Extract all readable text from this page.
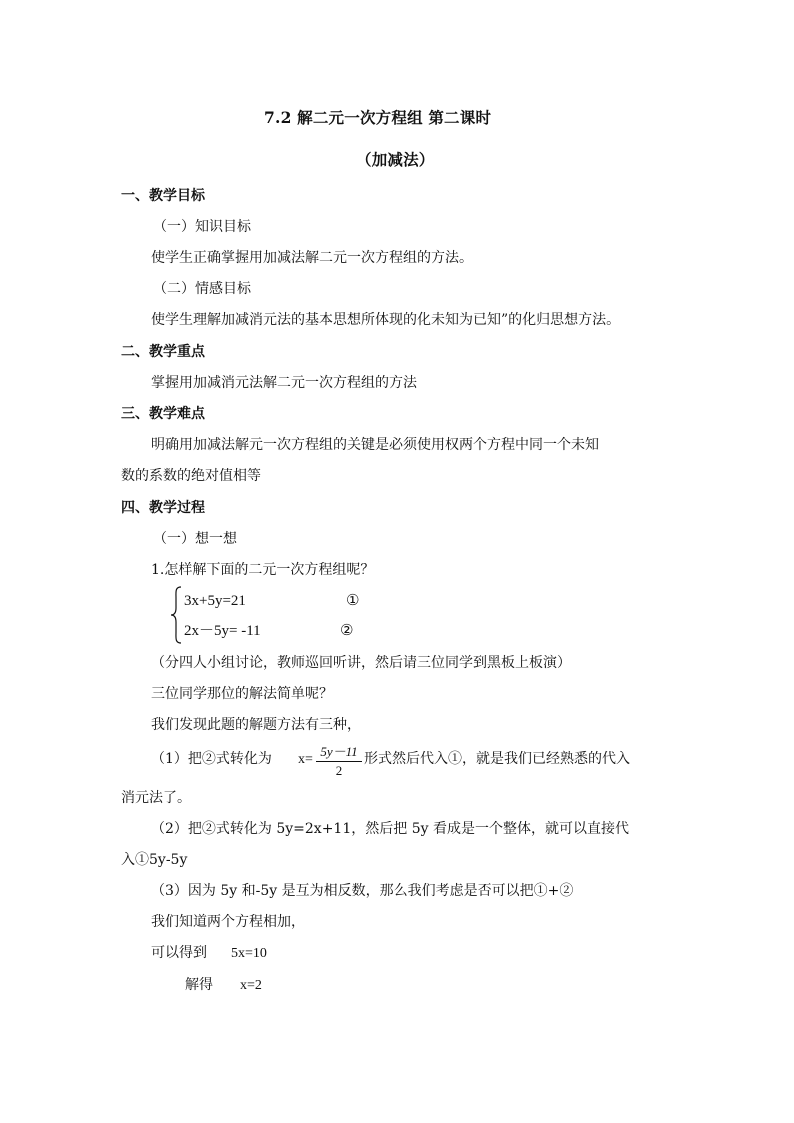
7.2 解二元一次方程组 第二课时
（加减法）
一、教学目标
（一）知识目标
使学生正确掌握用加减法解二元一次方程组的方法。
（二）情感目标
使学生理解加减消元法的基本思想所体现的化未知为已知”的化归思想方法。
二、教学重点
掌握用加减消元法解二元一次方程组的方法
三、教学难点
明确用加减法解元一次方程组的关键是必须使用权两个方程中同一个未知
数的系数的绝对值相等
四、教学过程
（一）想一想
1.怎样解下面的二元一次方程组呢？
3x+5y=21	①
2x－5y= -11	②
（分四人小组讨论，教师巡回听讲，然后请三位同学到黑板上板演）
三位同学那位的解法简单呢？
我们发现此题的解题方法有三种，
（1）把②式转化为 x=
5y－11
2
形式然后代入①，就是我们已经熟悉的代入
消元法了。
（2）把②式转化为 5y=2x+11，然后把 5y 看成是一个整体，就可以直接代
入①5y-5y
（3）因为 5y 和-5y 是互为相反数，那么我们考虑是否可以把①+②
我们知道两个方程相加，
可以得到 5x=10
解得 x=2
